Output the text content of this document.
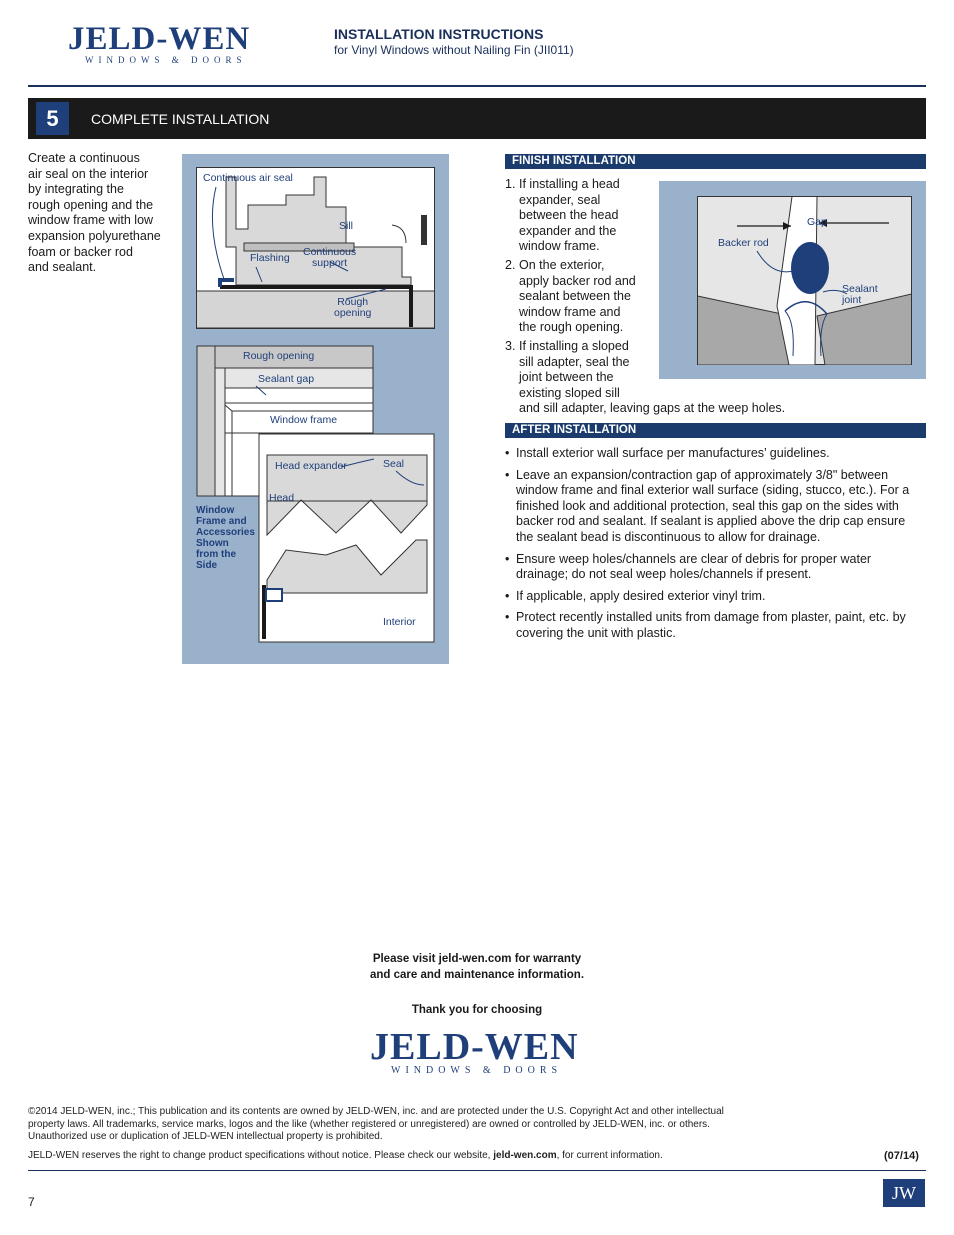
JELD-WEN
WINDOWS & DOORS
INSTALLATION INSTRUCTIONS
for Vinyl Windows without Nailing Fin (JII011)
5	COMPLETE INSTALLATION
Create a continuous
air seal on the interior
by integrating the
rough opening and the
window frame with low
expansion polyurethane
foam or backer rod
and sealant.
Continuous air seal
Sill
Flashing Continuous
support
Rough
opening
Rough opening
Sealant gap
Window frame
Head expander	Seal
Head
Interior
Window
Frame and
Accessories
Shown
from the
Side
FINISH INSTALLATION
1. If installing a head
expander, seal
between the head
expander and the
window frame.
2. On the exterior,
apply backer rod and
sealant between the
window frame and
the rough opening.
3. If installing a sloped
sill adapter, seal the
joint between the
existing sloped sill
and sill adapter, leaving gaps at the weep holes.
Gap
Backer rod
Sealant
joint
AFTER INSTALLATION
• Install exterior wall surface per manufactures’ guidelines.
• Leave an expansion/contraction gap of approximately 3/8" between window frame and final exterior wall surface (siding, stucco, etc.). For a finished look and additional protection, seal this gap on the sides with backer rod and sealant. If sealant is applied above the drip cap ensure the sealant bead is discontinuous to allow for drainage.
• Ensure weep holes/channels are clear of debris for proper water drainage; do not seal weep holes/channels if present.
• If applicable, apply desired exterior vinyl trim.
• Protect recently installed units from damage from plaster, paint, etc. by covering the unit with plastic.
Please visit jeld-wen.com for warranty
and care and maintenance information.
Thank you for choosing
JELD-WEN
WINDOWS & DOORS
©2014 JELD-WEN, inc.; This publication and its contents are owned by JELD-WEN, inc. and are protected under the U.S. Copyright Act and other intellectual
property laws. All trademarks, service marks, logos and the like (whether registered or unregistered) are owned or controlled by JELD-WEN, inc. or others.
Unauthorized use or duplication of JELD-WEN intellectual property is prohibited.
JELD-WEN reserves the right to change product specifications without notice. Please check our website, jeld-wen.com, for current information.	(07/14)
7	JW
